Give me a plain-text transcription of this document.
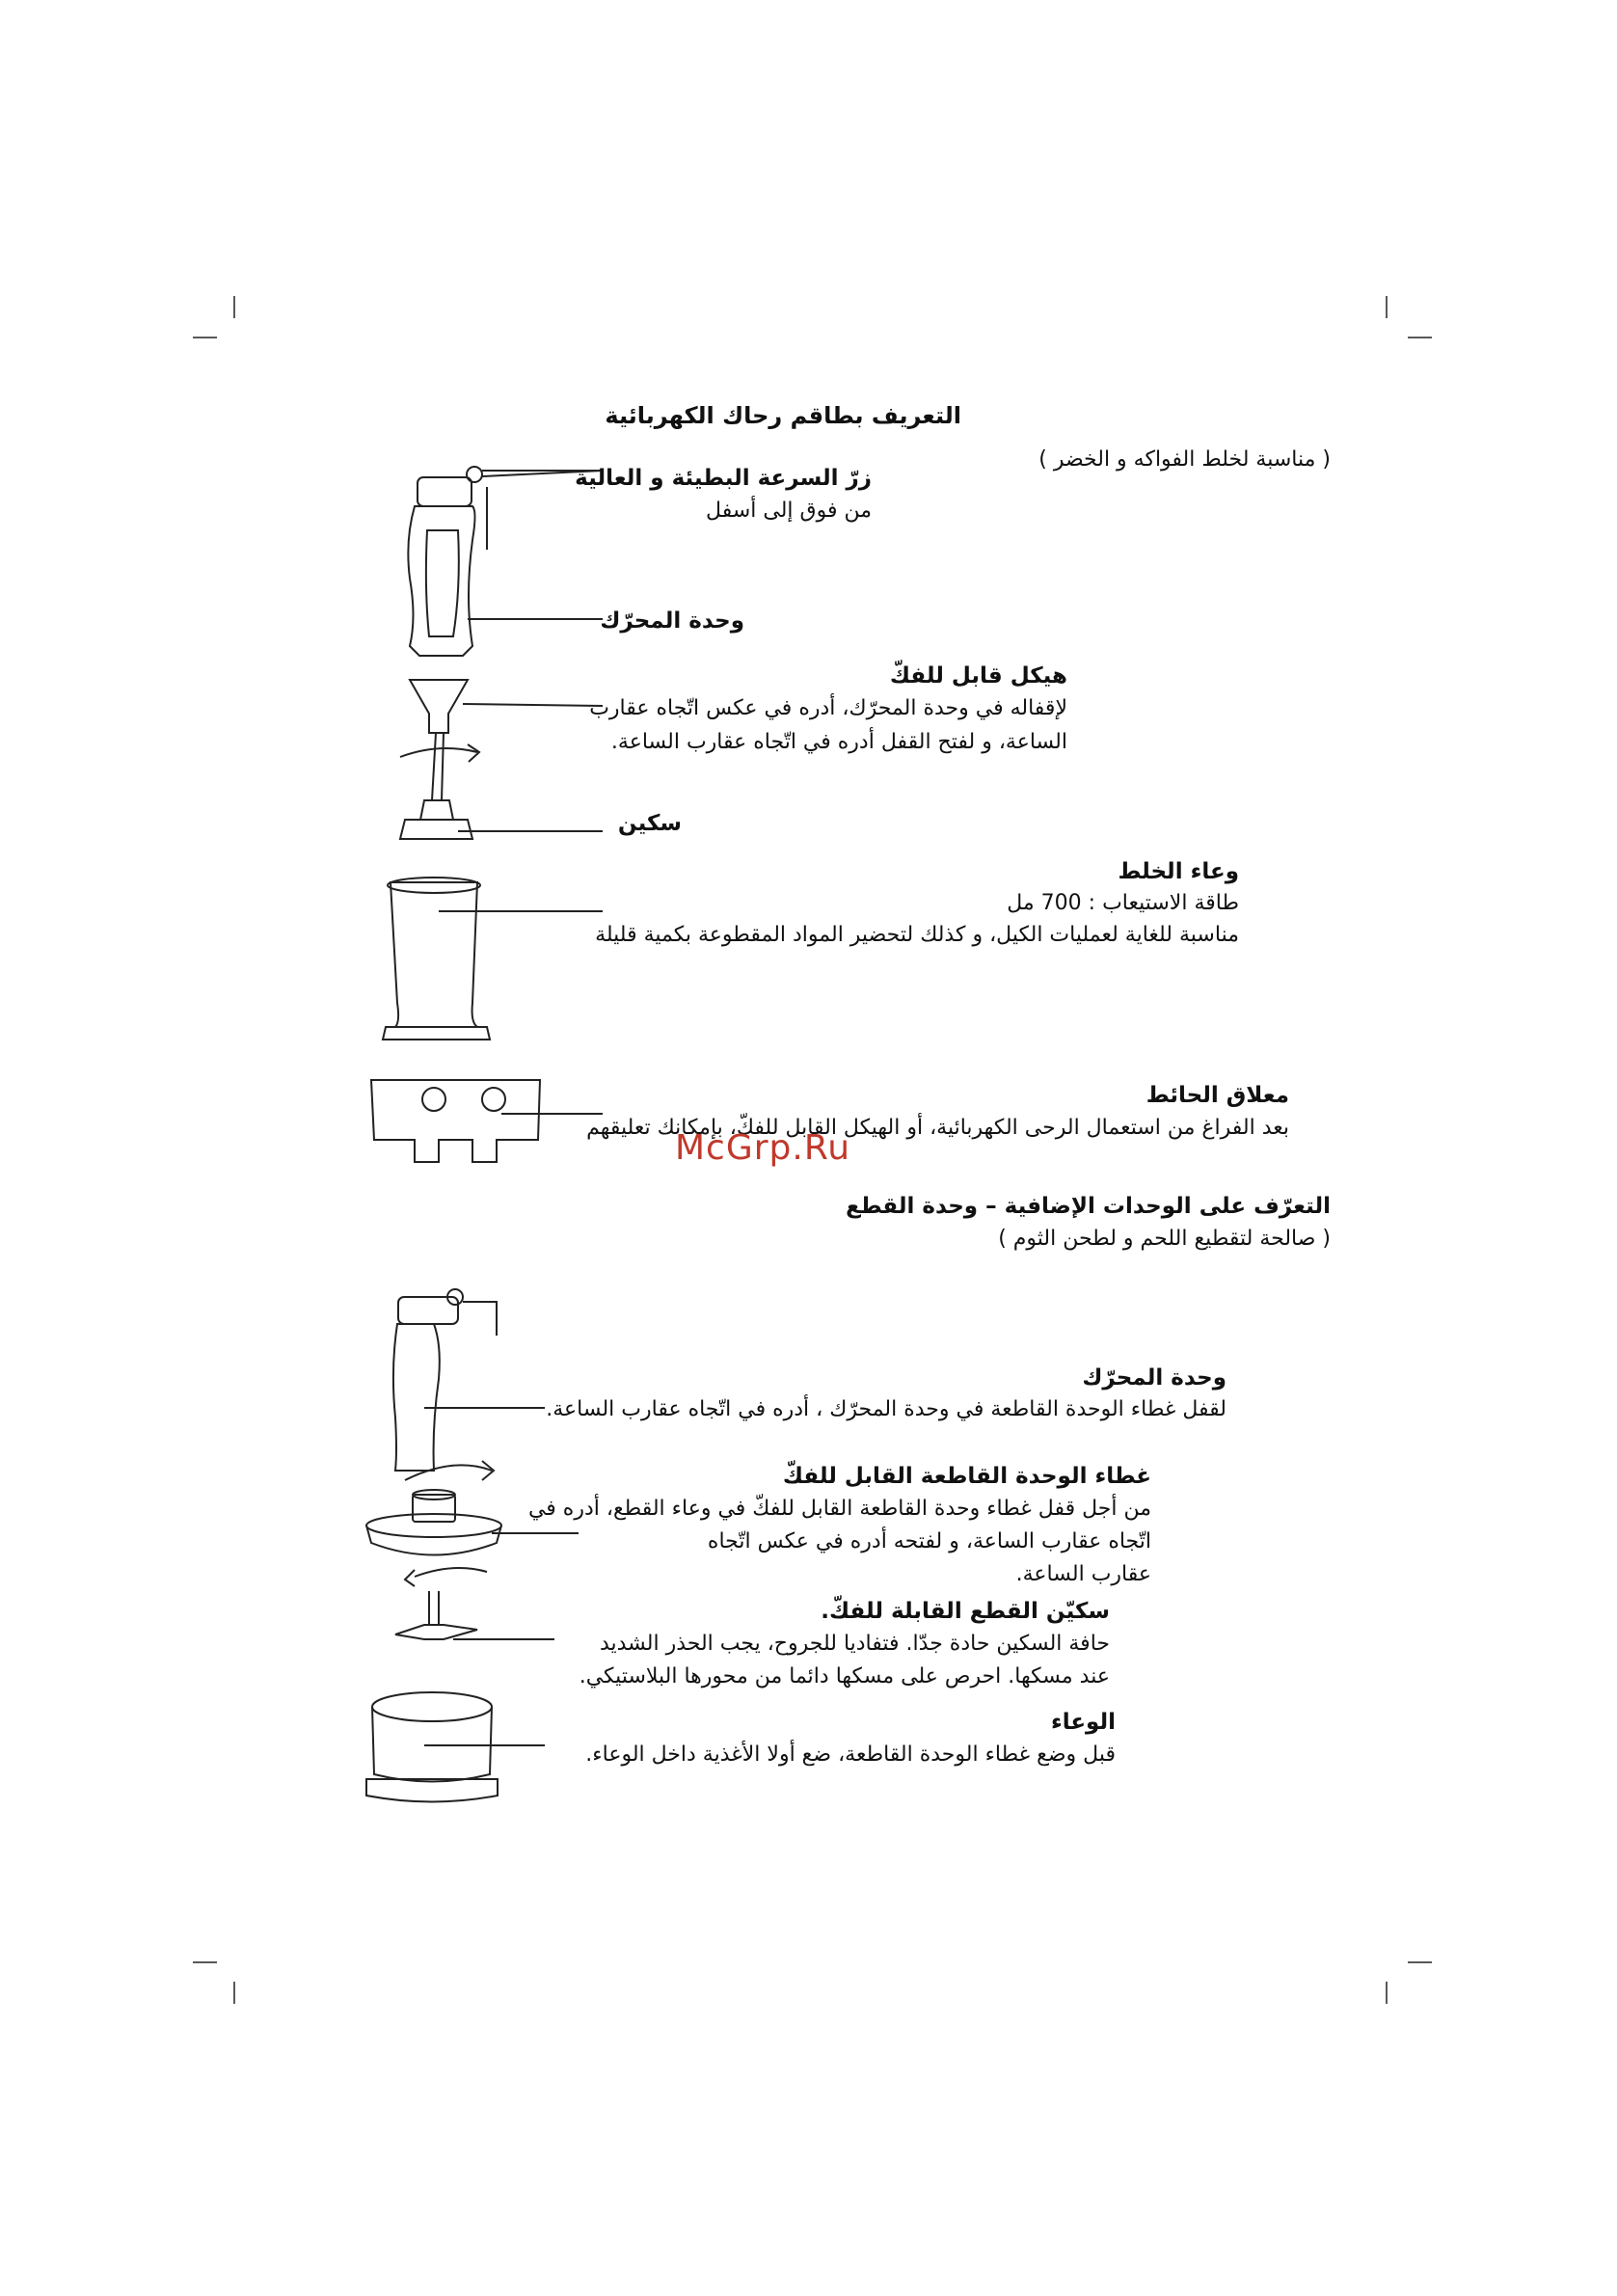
التعريف بطاقم رحاك الكهربائية
( مناسبة لخلط الفواكه و الخضر )
زرّ السرعة البطيئة و العالية
من فوق إلى أسفل
وحدة المحرّك
هيكل قابل للفكّ
لإقفاله في وحدة المحرّك، أدره في عكس اتّجاه عقارب
الساعة، و لفتح القفل أدره في اتّجاه عقارب الساعة.
سكين
وعاء الخلط
طاقة الاستيعاب : 700 مل
مناسبة للغاية لعمليات الكيل، و كذلك لتحضير المواد المقطوعة بكمية قليلة
معلاق الحائط
بعد الفراغ من استعمال الرحى الكهربائية، أو الهيكل القابل للفكّ، بإمكانك تعليقهم
McGrp.Ru
التعرّف على الوحدات الإضافية – وحدة القطع
( صالحة لتقطيع اللحم و لطحن الثوم )
وحدة المحرّك
لقفل غطاء الوحدة القاطعة في وحدة المحرّك ، أدره في اتّجاه عقارب الساعة.
غطاء الوحدة القاطعة القابل للفكّ
من أجل قفل غطاء وحدة القاطعة القابل للفكّ في وعاء القطع، أدره في
اتّجاه عقارب الساعة، و لفتحه أدره في عكس اتّجاه
عقارب الساعة.
سكيّن القطع القابلة للفكّ.
حافة السكين حادة جدّا. فتفاديا للجروح، يجب الحذر الشديد
عند مسكها. احرص على مسكها دائما من محورها البلاستيكي.
الوعاء
قبل وضع غطاء الوحدة القاطعة، ضع أولا الأغذية داخل الوعاء.
